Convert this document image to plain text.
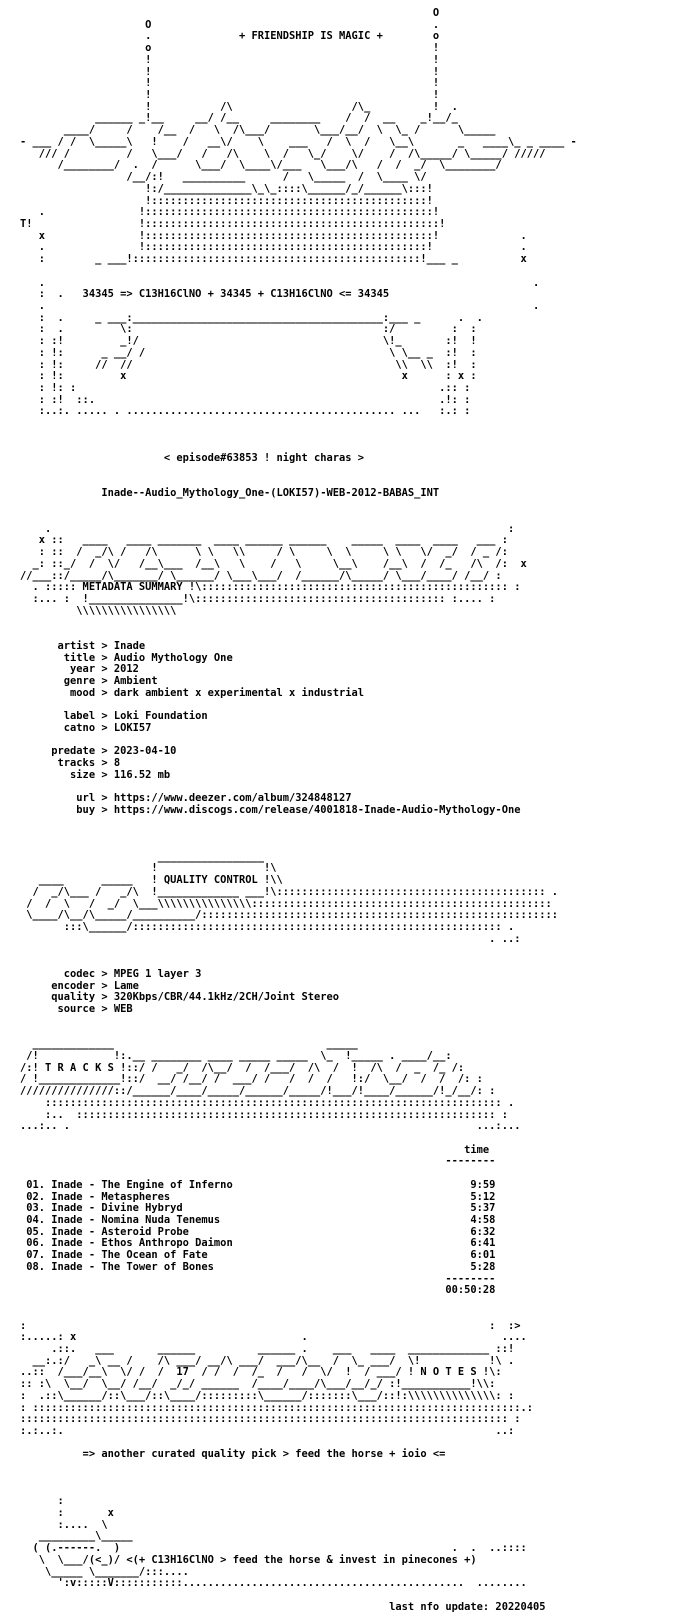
O
O                                             .
.              + FRIENDSHIP IS MAGIC +        o
o                                             !
!                                             !
!                                             !
!                                             !
!                                             !
!           /\                   /\_          !  .
______ _!__     __/ /__     ________    /  /  __    _!__/_
____/     /    /__  /   \  /\___/       \___/__/  \  \_ /      \_____
- ___ / /  \_____\   !    /   __\/    \    ___   /  \  /   \__\       _   ____\_ _ ____ -
/// /         /   \___/   /   /\    \  /   \_/    \/    /  /\_____/ \_____/ /////
/________/  .  /      \___/  \____\/___   \___/\   /  /  _/  \________/
/__/:!   __________      /   \_____  /  \____ \/
!:/______________\_\_::::\______/_/______\:::!
!::::::::::::::::::::::::::::::::::::::::::::!
.               !::::::::::::::::::::::::::::::::::::::::::::::!
T!                 !:::::::::::::::::::::::::::::::::::::::::::::::!
x               !::::::::::::::::::::::::::::::::::::::::::::::!             .
.               !:::::::::::::::::::::::::::::::::::::::::::::!              .
:        _ ___!::::::::::::::::::::::::::::::::::::::::::::::!___ _          x

.                                                                              .
:  .   34345 => C13H16ClNO + 34345 + C13H16ClNO <= 34345
.                                                                              .
:  .     _ ___:________________________________________:___ _      .  .
:  .         \:                                        :/         :  :
: :!         _!/                                       \!_       :!  !
: !:      _ __/ /                                       \ \__ _  :!  :
: !:     //  //                                          \\  \\  :!  :
: !:         x                                            x      : x :
: !: :                                                          .:: :
: :!  ::.                                                       .!: :
:..:. ..... . ........................................... ...   :.: :

< episode#63853 ! night charas >

Inade--Audio_Mythology_One-(LOKI57)-WEB-2012-BABAS_INT

.                                                                         :
x ::   ____   ____ _______  ____ ______ ______    _____  ____  ____   ___ :
: ::  /  _/\ /   /\      \ \   \\     / \     \  \     \ \   \/  _/  / _ /:
_: ::_/  /  \/   /__\___  /__\   \    /   \     \__\    /__\  /  /_   /\  /:  x
//___::/_____/\_______/ \______/ \___\___/  /______/\_____/ \___/____/ /__/ :
. ::::: METADATA SUMMARY !\::::::::::::::::::::::::::::::::::::::::::::::::: :
:... :  !_______________!\:::::::::::::::::::::::::::::::::::::::: :.... :
\\\\\\\\\\\\\\\\

artist > Inade
title > Audio Mythology One
year > 2012
genre > Ambient
mood > dark ambient x experimental x industrial

label > Loki Foundation
catno > LOKI57

predate > 2023-04-10
tracks > 8
size > 116.52 mb

url > https://www.deezer.com/album/324848127
buy > https://www.discogs.com/release/4001818-Inade-Audio-Mythology-One

_________________
!                 !\
____      _____   ! QUALITY CONTROL !\\
/  _/\___ /   _/\  !_____________ ___!\::::::::::::::::::::::::::::::::::::::::::: .
/  /  \   /  _/  \___\\\\\\\\\\\\\\\::::::::::::::::::::::::::::::::::::::::::::::::
\____/\__/\_____/__________/:::::::::::::::::::::::::::::::::::::::::::::::::::::::::
:::\______/::::::::::::::::::::::::::::::::::::::::::::::::::::::::::: .
. ..:

codec > MPEG 1 layer 3
encoder > Lame
quality > 320Kbps/CBR/44.1kHz/2CH/Joint Stereo
source > WEB

_____________                                  _____
/!            !:.__ ________ ____ _____ _____  \_  !_____ . ____/__:
/:! T R A C K S !::/ /   _/  /\__/  /  /___/  /\  /  !  /\  /  _  /_ /:
/ !_____________!::/  __/ /__/ /  ___/ /   /  /  /   !:/  \__/  /  /  /: :
///////////////::/______/____/_____/______/_____/!___/!____/______/!_/__/: :
::::::::::::::::::::::::::::::::::::::::::::::::::::::::::::::::::::::::: .
:..  ::::::::::::::::::::::::::::::::::::::::::::::::::::::::::::::::::: :
...:.. .                                                                 ...:...

time
--------

01. Inade - The Engine of Inferno                                      9:59
02. Inade - Metaspheres                                                5:12
03. Inade - Divine Hybryd                                              5:37
04. Inade - Nomina Nuda Tenemus                                        4:58
05. Inade - Asteroid Probe                                             6:32
06. Inade - Ethos Anthropo Daimon                                      6:41
07. Inade - The Ocean of Fate                                          6:01
08. Inade - The Tower of Bones                                         5:28
--------
00:50:28

:                                                                          :  :>
:.....: x                                    .                               ....
.::.   ___       ______          ______ .    ___   ____  _____________ ::!
__:.:/   _\ __ /    /\ ___/ __/\ ___/  ___/\__  /  \_ ___/  \!           !\ .
..::  /___/__\  \/ /  /  17  / /  /  /_  /   /  \/  !  / ___/ ! N O T E S !\:
:: :\  \__/  \__/ /__/  _/_/ ______  /____/____/\___/__/_/ :!___________!\\:
:  .::\______/::\___/::\____/:::::::::\______/:::::::\___/::!:\\\\\\\\\\\\\\: :
: ::::::::::::::::::::::::::::::::::::::::::::::::::::::::::::::::::::::::::::::.:
:::::::::::::::::::::::::::::::::::::::::::::::::::::::::::::::::::::::::::::: :
:.:..:.                                                                     ..:

=> another curated quality pick > feed the horse + ioio <=

:
:       x
:....  \
_________\_____
( (.------.  )                                                     .  .  ..::::
\  \___/(<_)/ <(+ C13H16ClNO > feed the horse & invest in pinecones +)
\_____ \_______/:::....
':v:::::V:::::::::::.............................................  ........

last nfo update: 20220405
